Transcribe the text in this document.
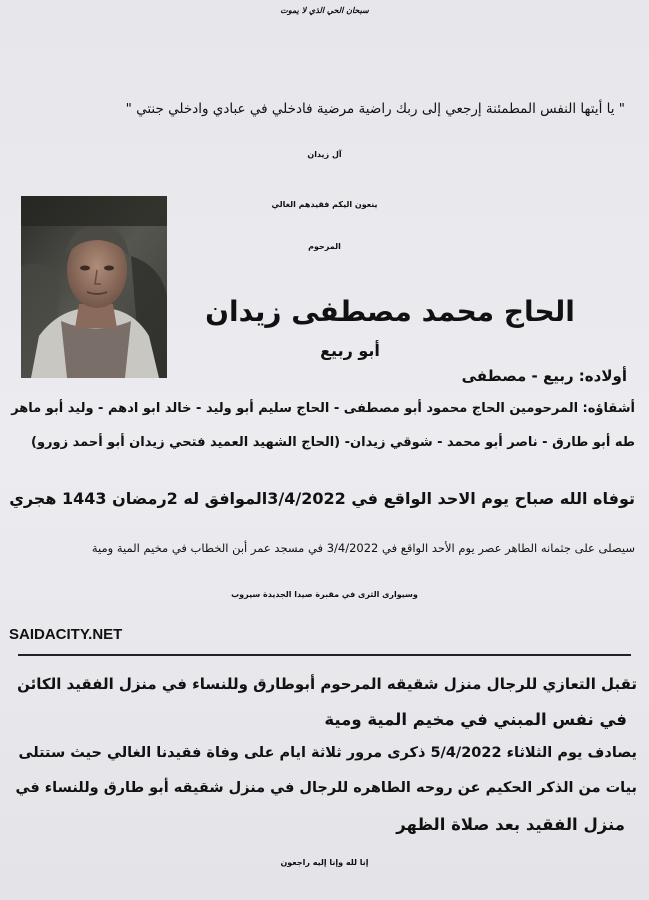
سبحان الحي الذي لا يموت
" يا أيتها النفس المطمئنة إرجعي إلى ربك راضية مرضية فادخلي في عبادي وادخلي جنتي "
آل زيدان
ينعون اليكم فقيدهم الغالي
المرحوم
الحاج محمد مصطفى زيدان
أبو ربيع
أولاده: ربيع - مصطفى
أشقاؤه: المرحومين الحاج محمود أبو مصطفى - الحاج سليم أبو وليد - خالد ابو ادهم - وليد أبو ماهر
طه أبو طارق - ناصر أبو محمد - شوقي زيدان- (الحاج الشهيد العميد فتحي زيدان أبو أحمد زورو)
توفاه الله صباح يوم الاحد الواقع في 3/4/2022الموافق له 2رمضان 1443 هجري
سيصلى على جثمانه الطاهر عصر يوم الأحد الواقع في 3/4/2022 في مسجد عمر أبن الخطاب في مخيم المية ومية
وسيوارى الثرى في مقبرة صيدا الجديدة سيروب
SAIDACITY.NET
تقبل التعازي للرجال منزل شقيقه المرحوم أبوطارق وللنساء في منزل الفقيد الكائن
في نفس المبني في مخيم المية ومية
يصادف يوم الثلاثاء 5/4/2022 ذكرى مرور ثلاثة ايام على وفاة فقيدنا الغالي حيث ستتلى
بيات من الذكر الحكيم عن روحه الطاهره للرجال في منزل شقيقه أبو طارق وللنساء في
منزل الفقيد بعد صلاة الظهر
إنا لله وإنا إليه راجعون
